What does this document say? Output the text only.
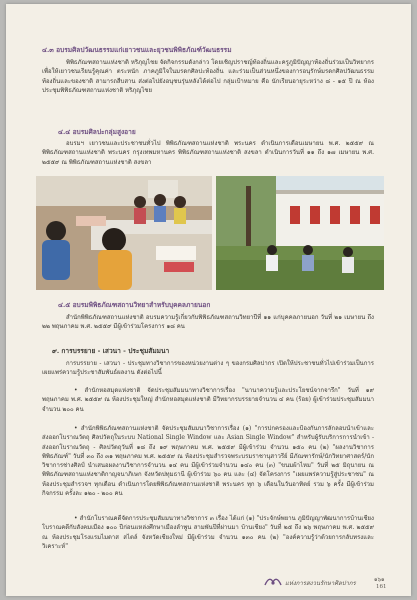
๔.๓ อบรมศิลปวัฒนธรรมแก่เยาวชนและยุวชนพิพิธภัณฑ์วัฒนธรรม
พิพิธภัณฑสถานแห่งชาติ หริภุญไชย จัดกิจกรรมดังกล่าว โดยเชิญปราชญ์ท้องถิ่นและครูภูมิปัญญาท้องถิ่นร่วมเป็นวิทยากร เพื่อให้เยาวชนเรียนรู้คุณค่า ตระหนัก ภาคภูมิใจในมรดกศิลปะท้องถิ่น และร่วมเป็นส่วนหนึ่งของการอนุรักษ์มรดกศิลปวัฒนธรรมท้องถิ่นและของชาติ สามารถสืบสาน ส่งต่อไปยังอนุชนรุ่นหลังได้ต่อไป กลุ่มเป้าหมาย คือ นักเรียนอายุระหว่าง ๘ - ๑๕ ปี ณ ห้องประชุมพิพิธภัณฑสถานแห่งชาติ หริภุญไชย
๔.๔ อบรมศิลปะกลุ่มสูงอาย
อบรมฯ เยาวชนและประชาชนทั่วไป พิพิธภัณฑสถานแห่งชาติ พระนคร ดำเนินการเดือนเมษายน พ.ศ. ๒๕๕๙ ณ พิพิธภัณฑสถานแห่งชาติ พระนคร กรุงเทพมหานคร พิพิธภัณฑสถานแห่งชาติ สงขลา ดำเนินการวันที่ ๑๑ ถึง ๑๗ เมษายน พ.ศ. ๒๕๕๙ ณ พิพิธภัณฑสถานแห่งชาติ สงขลา
๔.๕ อบรมพิพิธภัณฑสถานวิทยาสำหรับบุคคลภายนอก
สำนักพิพิธภัณฑสถานแห่งชาติ อบรมความรู้เกี่ยวกับพิพิธภัณฑสถานวิทยาปีที่ ๑๑ แก่บุคคลภายนอก วันที่ ๒๑ เมษายน ถึง ๒๒ พฤษภาคม พ.ศ. ๒๕๕๙ มีผู้เข้าร่วมโครงการ ๑๘ คน
๙. การบรรยาย - เสวนา - ประชุมสัมมนา
การบรรยาย - เสวนา - ประชุมทางวิชาการของหน่วยงานต่าง ๆ ของกรมศิลปากร เปิดให้ประชาชนทั่วไปเข้าร่วมเป็นการเผยแพร่ความรู้ประชาสัมพันธ์ผลงาน ดังต่อไปนี้
• สำนักหอสมุดแห่งชาติ จัดประชุมสัมมนาทางวิชาการเรื่อง "นานาความรู้และประโยชน์จากจารึก" วันที่ ๑๙ พฤษภาคม พ.ศ. ๒๕๕๙ ณ ห้องประชุมใหญ่ สำนักหอสมุดแห่งชาติ มีวิทยากรบรรยายจำนวน ๔ คน (ร้อย) ผู้เข้าร่วมประชุมสัมมนา จำนวน ๒๐๐ คน
• สำนักพิพิธภัณฑสถานแห่งชาติ จัดประชุมสัมมนาวิชาการเรื่อง (๑) "การปกครองและป้องกันการลักลอบนำเข้าและส่งออกโบราณวัตถุ ศิลปวัตถุในระบบ National Single Window และ Asian Single Window" สำหรับผู้รับบริการการนำเข้า - ส่งออกโบราณวัตถุ - ศิลปวัตถุวันที่ ๑๘ ถึง ๑๙ พฤษภาคม พ.ศ. ๒๕๕๙ มีผู้เข้าร่วม จำนวน ๑๕๐ คน (๒) "ผลงานวิชาการพิพิธภัณฑ์" วันที่ ๓๐ ถึง ๓๑ พฤษภาคม พ.ศ. ๒๕๕๙ ณ ห้องประชุมสำรวจพระบรมราชานุสาวรีย์ มีภัณฑารักษ์/นักวิทยาศาสตร์/นักวิชาการช่างศิลป์ นำเสนอผลงานวิชาการจำนวน ๑๔ คน มีผู้เข้าร่วมจำนวน ๑๔๐ คน (๓) "ขนมผ้าไหม" วันที่ ๒๕ มิถุนายน ณ พิพิธภัณฑสถานแห่งชาติกาญจนาภิเษก จังหวัดปทุมธานี ผู้เข้าร่วม ๖๐ คน และ (๔) จัดโครงการ "เผยแพร่ความรู้สู่ประชาชน" ณ ห้องประชุมสำรวจฯ ทุกเดือน ดำเนินการโดยพิพิธภัณฑสถานแห่งชาติ พระนคร ทุก ๖ เดือนในวันอาทิตย์ รวม ๖ ครั้ง มีผู้เข้าร่วมกิจกรรม ครั้งละ ๑๒๐ - ๒๐๐ คน
• สำนักโบราณคดีจัดการประชุมสัมมนาทางวิชาการ ๓ เรื่อง ได้แก่ (๑) "ประจักษ์พยาน ภูมิปัญญาพัฒนาการบ้านเชียงโบราณคดีกับสังคมเมือง ๑๐๐ ปีก่อนแหล่งศึกษาเมืองลำพูน สามพันปีที่ผ่านมา บ้านเชียง" วันที่ ๒๕ ถึง ๒๖ พฤษภาคม พ.ศ. ๒๕๕๙ ณ ห้องประชุมโรงแรมไมดาส สไตล์ จังหวัดเชียงใหม่ มีผู้เข้าร่วม จำนวน ๑๓๐ คน (๒) "องค์ความรู้ว่าด้วยการกลับทรงและวิเคราะห์"
แห่งการสงวนรักษาศิลปากร	๑๖๑
161
